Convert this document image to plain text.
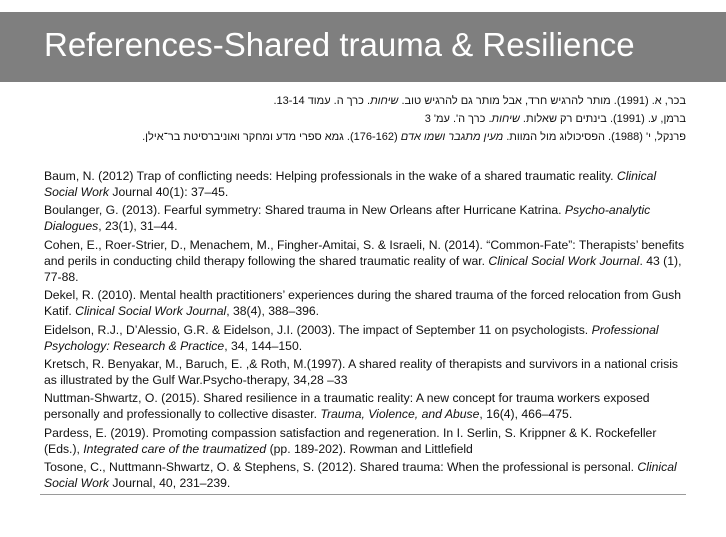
References-Shared trauma & Resilience
בכר, א. (1991). מותר להרגיש חרד, אבל מותר גם להרגיש טוב. שיחות. כרך ה. עמוד 13-14.
ברמן, ע. (1991). בינתים רק שאלות. שיחות. כרך ה'. עמ' 3
פרנקל, י' (1988). הפסיכולוג מול המוות. מעין מתגבר ושמו אדם (176-162). גמא ספרי מדע ומחקר ואוניברסיטת בר־אילן.
Baum, N. (2012) Trap of conflicting needs: Helping professionals in the wake of a shared traumatic reality. Clinical Social Work Journal 40(1): 37–45.
Boulanger, G. (2013). Fearful symmetry: Shared trauma in New Orleans after Hurricane Katrina. Psycho-analytic Dialogues, 23(1), 31–44.
Cohen, E., Roer-Strier, D., Menachem, M., Fingher-Amitai, S. & Israeli, N. (2014). “Common-Fate”: Therapists’ benefits and perils in conducting child therapy following the shared traumatic reality of war. Clinical Social Work Journal. 43 (1), 77-88.
Dekel, R. (2010). Mental health practitioners’ experiences during the shared trauma of the forced relocation from Gush Katif. Clinical Social Work Journal, 38(4), 388–396.
Eidelson, R.J., D’Alessio, G.R. & Eidelson, J.I. (2003). The impact of September 11 on psychologists. Professional Psychology: Research & Practice, 34, 144–150.
Kretsch, R. Benyakar, M., Baruch, E. ,& Roth, M.(1997). A shared reality of therapists and survivors in a national crisis as illustrated by the Gulf War.Psycho-therapy, 34,28 –33
Nuttman-Shwartz, O. (2015). Shared resilience in a traumatic reality: A new concept for trauma workers exposed personally and professionally to collective disaster. Trauma, Violence, and Abuse, 16(4), 466–475.
Pardess, E. (2019). Promoting compassion satisfaction and regeneration. In I. Serlin, S. Krippner & K. Rockefeller (Eds.), Integrated care of the traumatized (pp. 189-202). Rowman and Littlefield
Tosone, C., Nuttmann-Shwartz, O. & Stephens, S. (2012). Shared trauma: When the professional is personal. Clinical Social Work Journal, 40, 231–239.
